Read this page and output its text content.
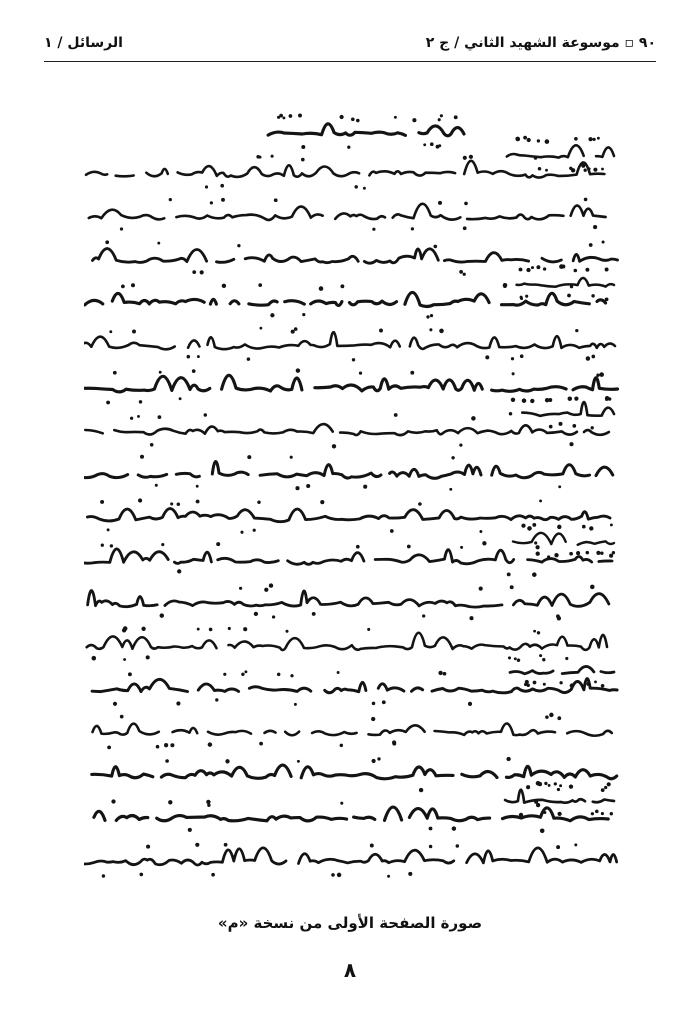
٩٠ ▫ موسوعة الشهيد الثاني / ج ٢
الرسائل / ١
صورة الصفحة الأولى من نسخة «م»
٨
